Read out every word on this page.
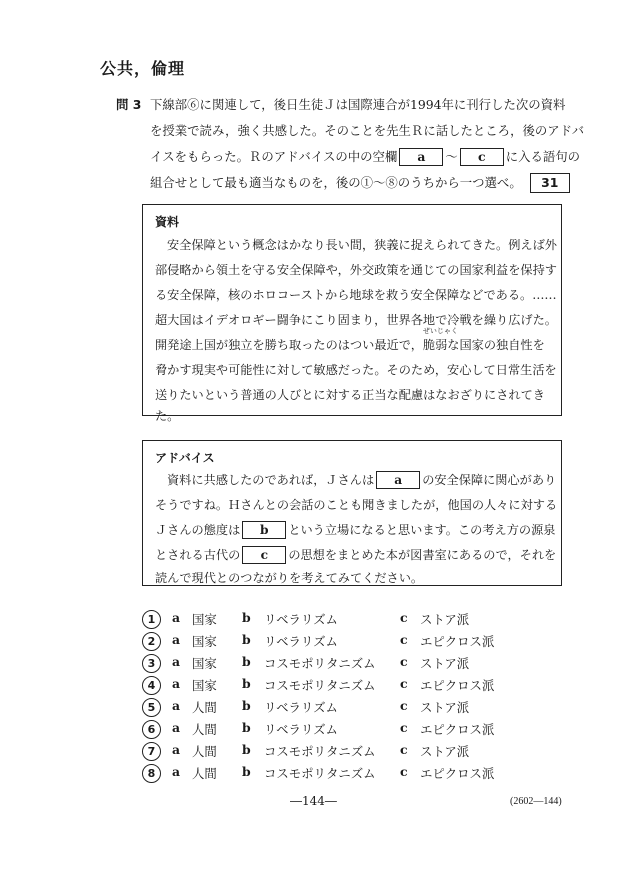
公共，倫理
問 3 下線部⑥に関連して，後日生徒Ｊは国際連合が1994年に刊行した次の資料
を授業で読み，強く共感した。そのことを先生Ｒに話したところ，後のアドバ
イスをもらった。Ｒのアドバイスの中の空欄 a ～ c に入る語句の
組合せとして最も適当なものを，後の①～⑧のうちから一つ選べ。 31
資料
安全保障という概念はかなり長い間，狭義に捉えられてきた。例えば外
部侵略から領土を守る安全保障や，外交政策を通じての国家利益を保持す
る安全保障，核のホロコーストから地球を救う安全保障などである。……
超大国はイデオロギー闘争にこり固まり，世界各地で冷戦を繰り広げた。
開発途上国が独立を勝ち取ったのはつい最近で，
ぜいじゃく
脆弱な国家の独自性を
脅かす現実や可能性に対して敏感だった。そのため，安心して日常生活を
送りたいという普通の人びとに対する正当な配慮はなおざりにされてき
た。
アドバイス
資料に共感したのであれば，Ｊさんは a の安全保障に関心があり
そうですね。Ｈさんとの会話のことも聞きましたが，他国の人々に対する
Ｊさんの態度は b という立場になると思います。この考え方の源泉
とされる古代の c の思想をまとめた本が図書室にあるので，それを
読んで現代とのつながりを考えてみてください。
1	a 国家 b リベラリズム	c ストア派
2	a 国家 b リベラリズム	c エピクロス派
3	a 国家 b コスモポリタニズム c ストア派
4	a 国家 b コスモポリタニズム c エピクロス派
5	a 人間 b リベラリズム	c ストア派
6	a 人間 b リベラリズム	c エピクロス派
7	a 人間 b コスモポリタニズム c ストア派
8	a 人間 b コスモポリタニズム c エピクロス派
―144―	(2602―144)
